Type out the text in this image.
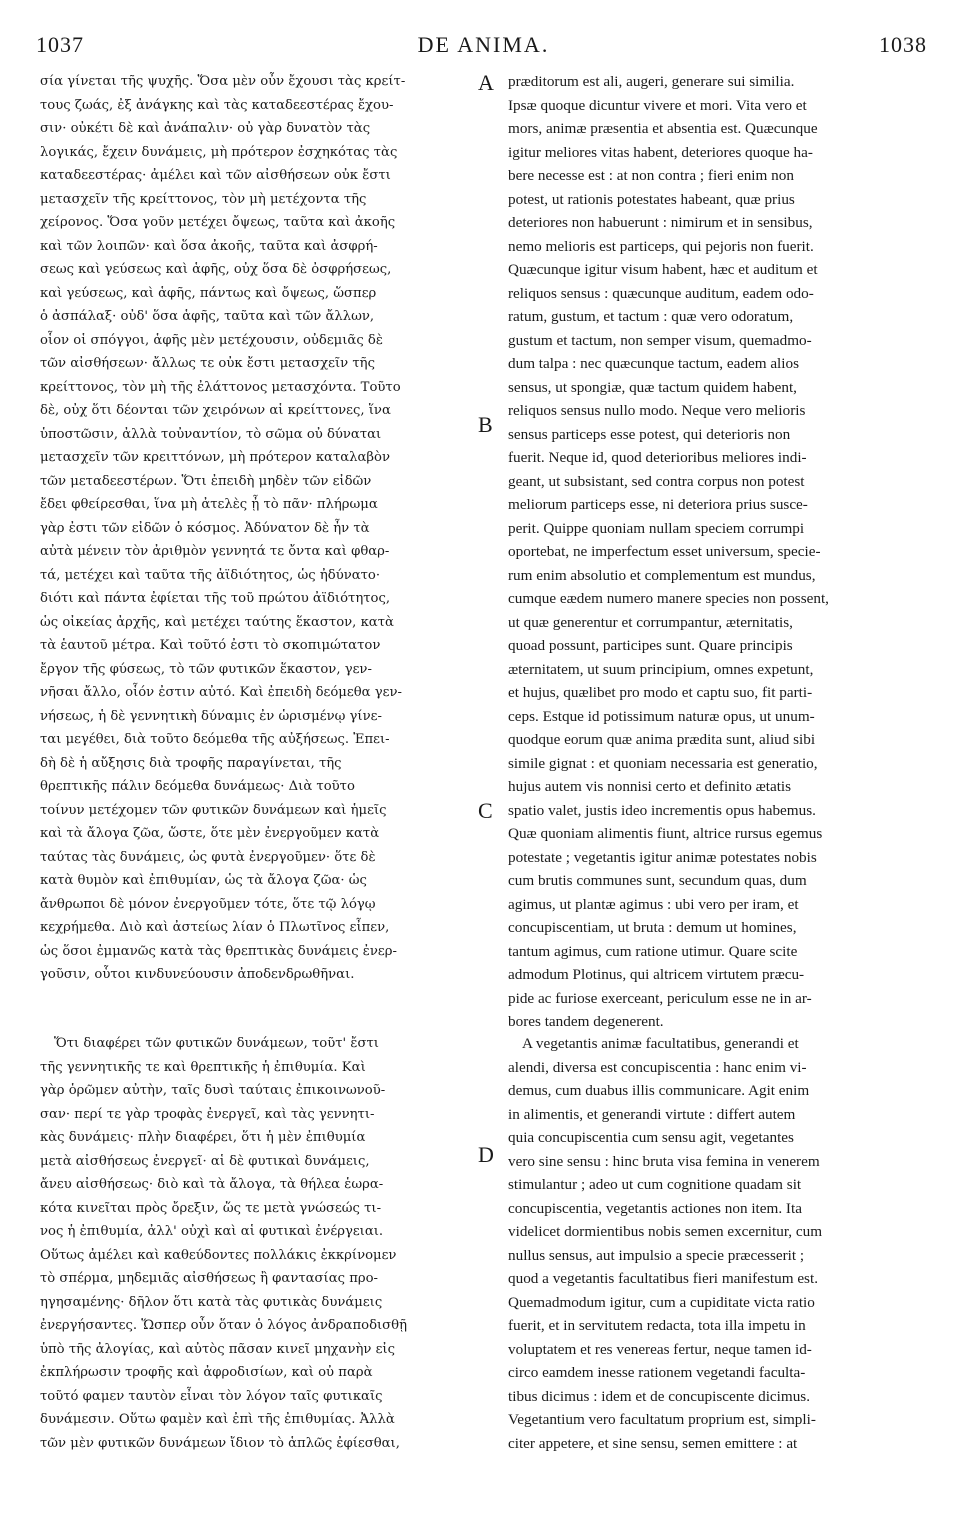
1037	DE ANIMA.	1038
A
B
C
D
σία γίνεται τῆς ψυχῆς. Ὅσα μὲν οὖν ἔχουσι τὰς κρείτ-
τους ζωάς, ἐξ ἀνάγκης καὶ τὰς καταδεεστέρας ἔχου-
σιν· οὐκέτι δὲ καὶ ἀνάπαλιν· οὐ γὰρ δυνατὸν τὰς
λογικάς, ἔχειν δυνάμεις, μὴ πρότερον ἐσχηκότας τὰς
καταδεεστέρας· ἀμέλει καὶ τῶν αἰσθήσεων οὐκ ἔστι
μετασχεῖν τῆς κρείττονος, τὸν μὴ μετέχοντα τῆς
χείρονος. Ὅσα γοῦν μετέχει ὄψεως, ταῦτα καὶ ἀκοῆς
καὶ τῶν λοιπῶν· καὶ ὅσα ἀκοῆς, ταῦτα καὶ ἀσφρή-
σεως καὶ γεύσεως καὶ ἁφῆς, οὐχ ὅσα δὲ ὀσφρήσεως,
καὶ γεύσεως, καὶ ἁφῆς, πάντως καὶ ὄψεως, ὥσπερ
ὁ ἀσπάλαξ· οὐδ' ὅσα ἁφῆς, ταῦτα καὶ τῶν ἄλλων,
οἷον οἱ σπόγγοι, ἁφῆς μὲν μετέχουσιν, οὐδεμιᾶς δὲ
τῶν αἰσθήσεων· ἄλλως τε οὐκ ἔστι μετασχεῖν τῆς
κρείττονος, τὸν μὴ τῆς ἐλάττονος μετασχόντα. Τοῦτο
δὲ, οὐχ ὅτι δέονται τῶν χειρόνων αἱ κρείττονες, ἵνα
ὑποστῶσιν, ἀλλὰ τοὐναντίον, τὸ σῶμα οὐ δύναται
μετασχεῖν τῶν κρειττόνων, μὴ πρότερον καταλαβὸν
τῶν μεταδεεστέρων. Ὅτι ἐπειδὴ μηδὲν τῶν εἰδῶν
ἔδει φθείρεσθαι, ἵνα μὴ ἀτελὲς ᾖ τὸ πᾶν· πλήρωμα
γὰρ ἐστι τῶν εἰδῶν ὁ κόσμος. Ἀδύνατον δὲ ἦν τὰ
αὐτὰ μένειν τὸν ἀριθμὸν γεννητά τε ὄντα καὶ φθαρ-
τά, μετέχει καὶ ταῦτα τῆς ἀϊδιότητος, ὡς ἠδύνατο·
διότι καὶ πάντα ἐφίεται τῆς τοῦ πρώτου ἀϊδιότητος,
ὡς οἰκείας ἀρχῆς, καὶ μετέχει ταύτης ἕκαστον, κατὰ
τὰ ἑαυτοῦ μέτρα. Καὶ τοῦτό ἐστι τὸ σκοπιμώτατον
ἔργον τῆς φύσεως, τὸ τῶν φυτικῶν ἕκαστον, γεν-
νῆσαι ἄλλο, οἷόν ἐστιν αὐτό. Καὶ ἐπειδὴ δεόμεθα γεν-
νήσεως, ἡ δὲ γεννητικὴ δύναμις ἐν ὡρισμένῳ γίνε-
ται μεγέθει, διὰ τοῦτο δεόμεθα τῆς αὐξήσεως. Ἐπει-
δὴ δὲ ἡ αὔξησις διὰ τροφῆς παραγίνεται, τῆς
θρεπτικῆς πάλιν δεόμεθα δυνάμεως· Διὰ τοῦτο
τοίνυν μετέχομεν τῶν φυτικῶν δυνάμεων καὶ ἡμεῖς
καὶ τὰ ἄλογα ζῶα, ὥστε, ὅτε μὲν ἐνεργοῦμεν κατὰ
ταύτας τὰς δυνάμεις, ὡς φυτὰ ἐνεργοῦμεν· ὅτε δὲ
κατὰ θυμὸν καὶ ἐπιθυμίαν, ὡς τὰ ἄλογα ζῶα· ὡς
ἄνθρωποι δὲ μόνον ἐνεργοῦμεν τότε, ὅτε τῷ λόγῳ
κεχρήμεθα. Διὸ καὶ ἀστείως λίαν ὁ Πλωτῖνος εἶπεν,
ὡς ὅσοι ἐμμανῶς κατὰ τὰς θρεπτικὰς δυνάμεις ἐνερ-
γοῦσιν, οὗτοι κινδυνεύουσιν ἀποδενδρωθῆναι.
Ὅτι διαφέρει τῶν φυτικῶν δυνάμεων, τοῦτ' ἔστι
τῆς γεννητικῆς τε καὶ θρεπτικῆς ἡ ἐπιθυμία. Καὶ
γὰρ ὁρῶμεν αὐτὴν, ταῖς δυσὶ ταύταις ἐπικοινωνοῦ-
σαν· περί τε γὰρ τροφὰς ἐνεργεῖ, καὶ τὰς γεννητι-
κὰς δυνάμεις· πλὴν διαφέρει, ὅτι ἡ μὲν ἐπιθυμία
μετὰ αἰσθήσεως ἐνεργεῖ· αἱ δὲ φυτικαὶ δυνάμεις,
ἄνευ αἰσθήσεως· διὸ καὶ τὰ ἄλογα, τὰ θήλεα ἑωρα-
κότα κινεῖται πρὸς ὄρεξιν, ὥς τε μετὰ γνώσεώς τι-
νος ἡ ἐπιθυμία, ἀλλ' οὐχὶ καὶ αἱ φυτικαὶ ἐνέργειαι.
Οὕτως ἀμέλει καὶ καθεύδοντες πολλάκις ἐκκρίνομεν
τὸ σπέρμα, μηδεμιᾶς αἰσθήσεως ἢ φαντασίας προ-
ηγησαμένης· δῆλον ὅτι κατὰ τὰς φυτικὰς δυνάμεις
ἐνεργήσαντες. Ὥσπερ οὖν ὅταν ὁ λόγος ἀνδραποδισθῇ
ὑπὸ τῆς ἀλογίας, καὶ αὐτὸς πᾶσαν κινεῖ μηχανὴν εἰς
ἐκπλήρωσιν τροφῆς καὶ ἀφροδισίων, καὶ οὐ παρὰ
τοῦτό φαμεν ταυτὸν εἶναι τὸν λόγον ταῖς φυτικαῖς
δυνάμεσιν. Οὕτω φαμὲν καὶ ἐπὶ τῆς ἐπιθυμίας. Ἀλλὰ
τῶν μὲν φυτικῶν δυνάμεων ἴδιον τὸ ἁπλῶς ἐφίεσθαι,
præditorum est ali, augeri, generare sui similia.
Ipsæ quoque dicuntur vivere et mori. Vita vero et
mors, animæ præsentia et absentia est. Quæcunque
igitur meliores vitas habent, deteriores quoque ha-
bere necesse est : at non contra ; fieri enim non
potest, ut rationis potestates habeant, quæ prius
deteriores non habuerunt : nimirum et in sensibus,
nemo melioris est particeps, qui pejoris non fuerit.
Quæcunque igitur visum habent, hæc et auditum et
reliquos sensus : quæcunque auditum, eadem odo-
ratum, gustum, et tactum : quæ vero odoratum,
gustum et tactum, non semper visum, quemadmo-
dum talpa : nec quæcunque tactum, eadem alios
sensus, ut spongiæ, quæ tactum quidem habent,
reliquos sensus nullo modo. Neque vero melioris
sensus particeps esse potest, qui deterioris non
fuerit. Neque id, quod deterioribus meliores indi-
geant, ut subsistant, sed contra corpus non potest
meliorum particeps esse, ni deteriora prius susce-
perit. Quippe quoniam nullam speciem corrumpi
oportebat, ne imperfectum esset universum, specie-
rum enim absolutio et complementum est mundus,
cumque eædem numero manere species non possent,
ut quæ generentur et corrumpantur, æternitatis,
quoad possunt, participes sunt. Quare principis
æternitatem, ut suum principium, omnes expetunt,
et hujus, quælibet pro modo et captu suo, fit parti-
ceps. Estque id potissimum naturæ opus, ut unum-
quodque eorum quæ anima prædita sunt, aliud sibi
simile gignat : et quoniam necessaria est generatio,
hujus autem vis nonnisi certo et definito ætatis
spatio valet, justis ideo incrementis opus habemus.
Quæ quoniam alimentis fiunt, altrice rursus egemus
potestate ; vegetantis igitur animæ potestates nobis
cum brutis communes sunt, secundum quas, dum
agimus, ut plantæ agimus : ubi vero per iram, et
concupiscentiam, ut bruta : demum ut homines,
tantum agimus, cum ratione utimur. Quare scite
admodum Plotinus, qui altricem virtutem præcu-
pide ac furiose exerceant, periculum esse ne in ar-
bores tandem degenerent.
A vegetantis animæ facultatibus, generandi et
alendi, diversa est concupiscentia : hanc enim vi-
demus, cum duabus illis communicare. Agit enim
in alimentis, et generandi virtute : differt autem
quia concupiscentia cum sensu agit, vegetantes
vero sine sensu : hinc bruta visa femina in venerem
stimulantur ; adeo ut cum cognitione quadam sit
concupiscentia, vegetantis actiones non item. Ita
videlicet dormientibus nobis semen excernitur, cum
nullus sensus, aut impulsio a specie præcesserit ;
quod a vegetantis facultatibus fieri manifestum est.
Quemadmodum igitur, cum a cupiditate victa ratio
fuerit, et in servitutem redacta, tota illa impetu in
voluptatem et res venereas fertur, neque tamen id-
circo eamdem inesse rationem vegetandi faculta-
tibus dicimus : idem et de concupiscente dicimus.
Vegetantium vero facultatum proprium est, simpli-
citer appetere, et sine sensu, semen emittere : at
